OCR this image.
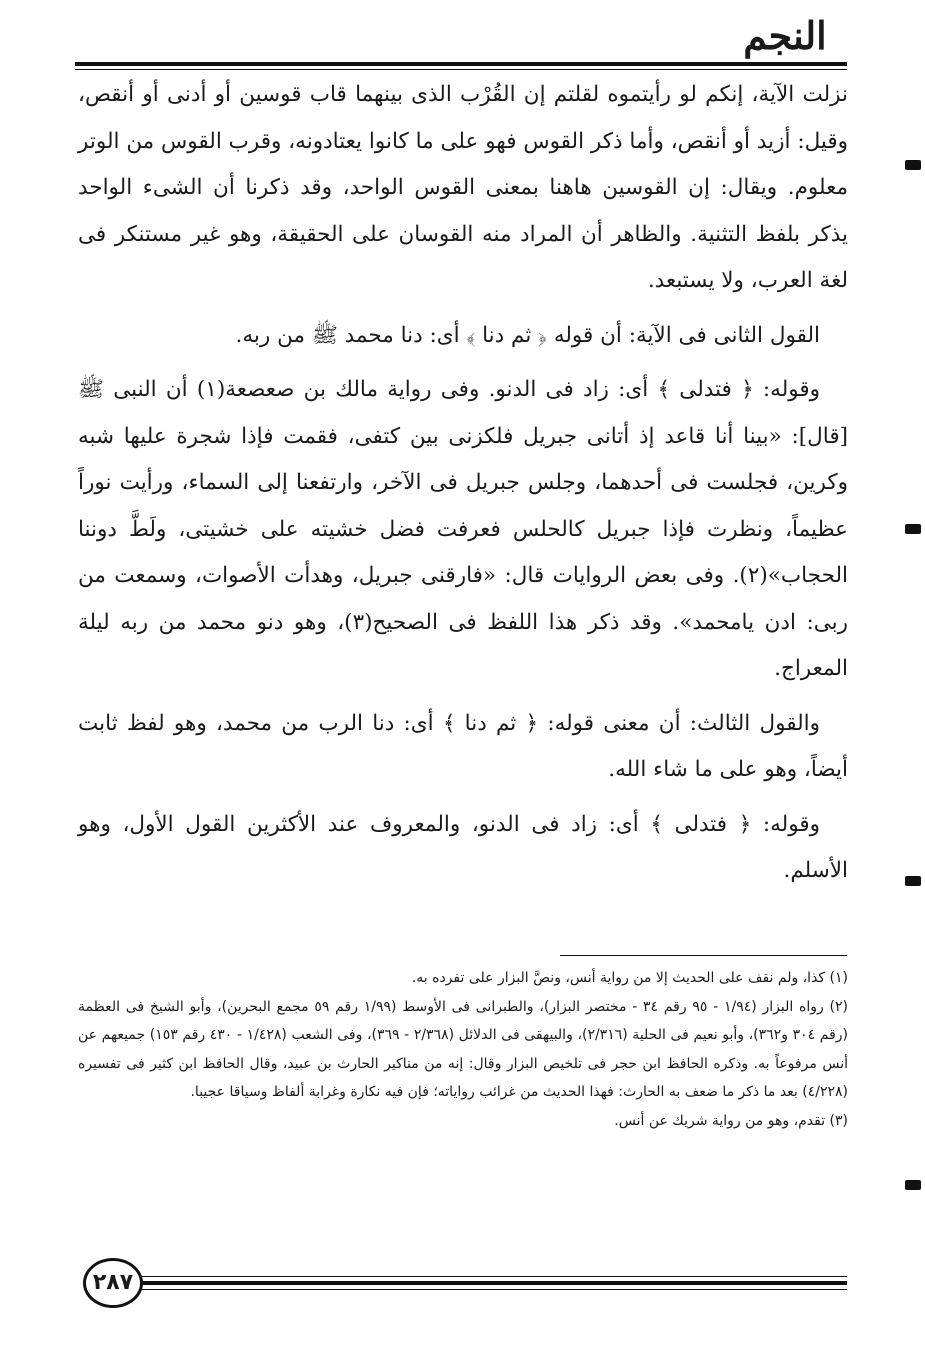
النجم

نزلت الآية، إنكم لو رأيتموه لقلتم إن القُرْب الذى بينهما قاب قوسين أو أدنى أو أنقص، وقيل: أزيد أو أنقص، وأما ذكر القوس فهو على ما كانوا يعتادونه، وقرب القوس من الوتر معلوم. ويقال: إن القوسين هاهنا بمعنى القوس الواحد، وقد ذكرنا أن الشىء الواحد يذكر بلفظ التثنية. والظاهر أن المراد منه القوسان على الحقيقة، وهو غير مستنكر فى لغة العرب، ولا يستبعد.

القول الثانى فى الآية: أن قوله ﴿ ثم دنا ﴾ أى: دنا محمد ﷺ من ربه.

وقوله: ﴿ فتدلى ﴾ أى: زاد فى الدنو. وفى رواية مالك بن صعصعة(١) أن النبى ﷺ [قال]: «بينا أنا قاعد إذ أتانى جبريل فلكزنى بين كتفى، فقمت فإذا شجرة عليها شبه وكرين، فجلست فى أحدهما، وجلس جبريل فى الآخر، وارتفعنا إلى السماء، ورأيت نوراً عظيماً، ونظرت فإذا جبريل كالحلس فعرفت فضل خشيته على خشيتى، ولَطَّ دوننا الحجاب»(٢). وفى بعض الروايات قال: «فارقنى جبريل، وهدأت الأصوات، وسمعت من ربى: ادن يامحمد». وقد ذكر هذا اللفظ فى الصحيح(٣)، وهو دنو محمد من ربه ليلة المعراج.

والقول الثالث: أن معنى قوله: ﴿ ثم دنا ﴾ أى: دنا الرب من محمد، وهو لفظ ثابت أيضاً، وهو على ما شاء الله.

وقوله: ﴿ فتدلى ﴾ أى: زاد فى الدنو، والمعروف عند الأكثرين القول الأول، وهو الأسلم.

(١) كذا، ولم نقف على الحديث إلا من رواية أنس، ونصَّ البزار على تفرده به.

(٢) رواه البزار (١/٩٤ - ٩٥ رقم ٣٤ - مختصر البزار)، والطبرانى فى الأوسط (١/٩٩ رقم ٥٩ مجمع البحرين)، وأبو الشيخ فى العظمة (رقم ٣٠٤ و٣٦٢)، وأبو نعيم فى الحلية (٢/٣١٦)، والبيهقى فى الدلائل (٢/٣٦٨ - ٣٦٩)، وفى الشعب (١/٤٢٨ - ٤٣٠ رقم ١٥٣) جميعهم عن أنس مرفوعاً به. وذكره الحافظ ابن حجر فى تلخيص البزار وقال: إنه من مناكير الحارث بن عبيد، وقال الحافظ ابن كثير فى تفسيره (٤/٢٢٨) بعد ما ذكر ما ضعف به الحارث: فهذا الحديث من غرائب رواياته؛ فإن فيه نكارة وغرابة ألفاظ وسياقا عجيبا.

(٣) تقدم، وهو من رواية شريك عن أنس.

٢٨٧
